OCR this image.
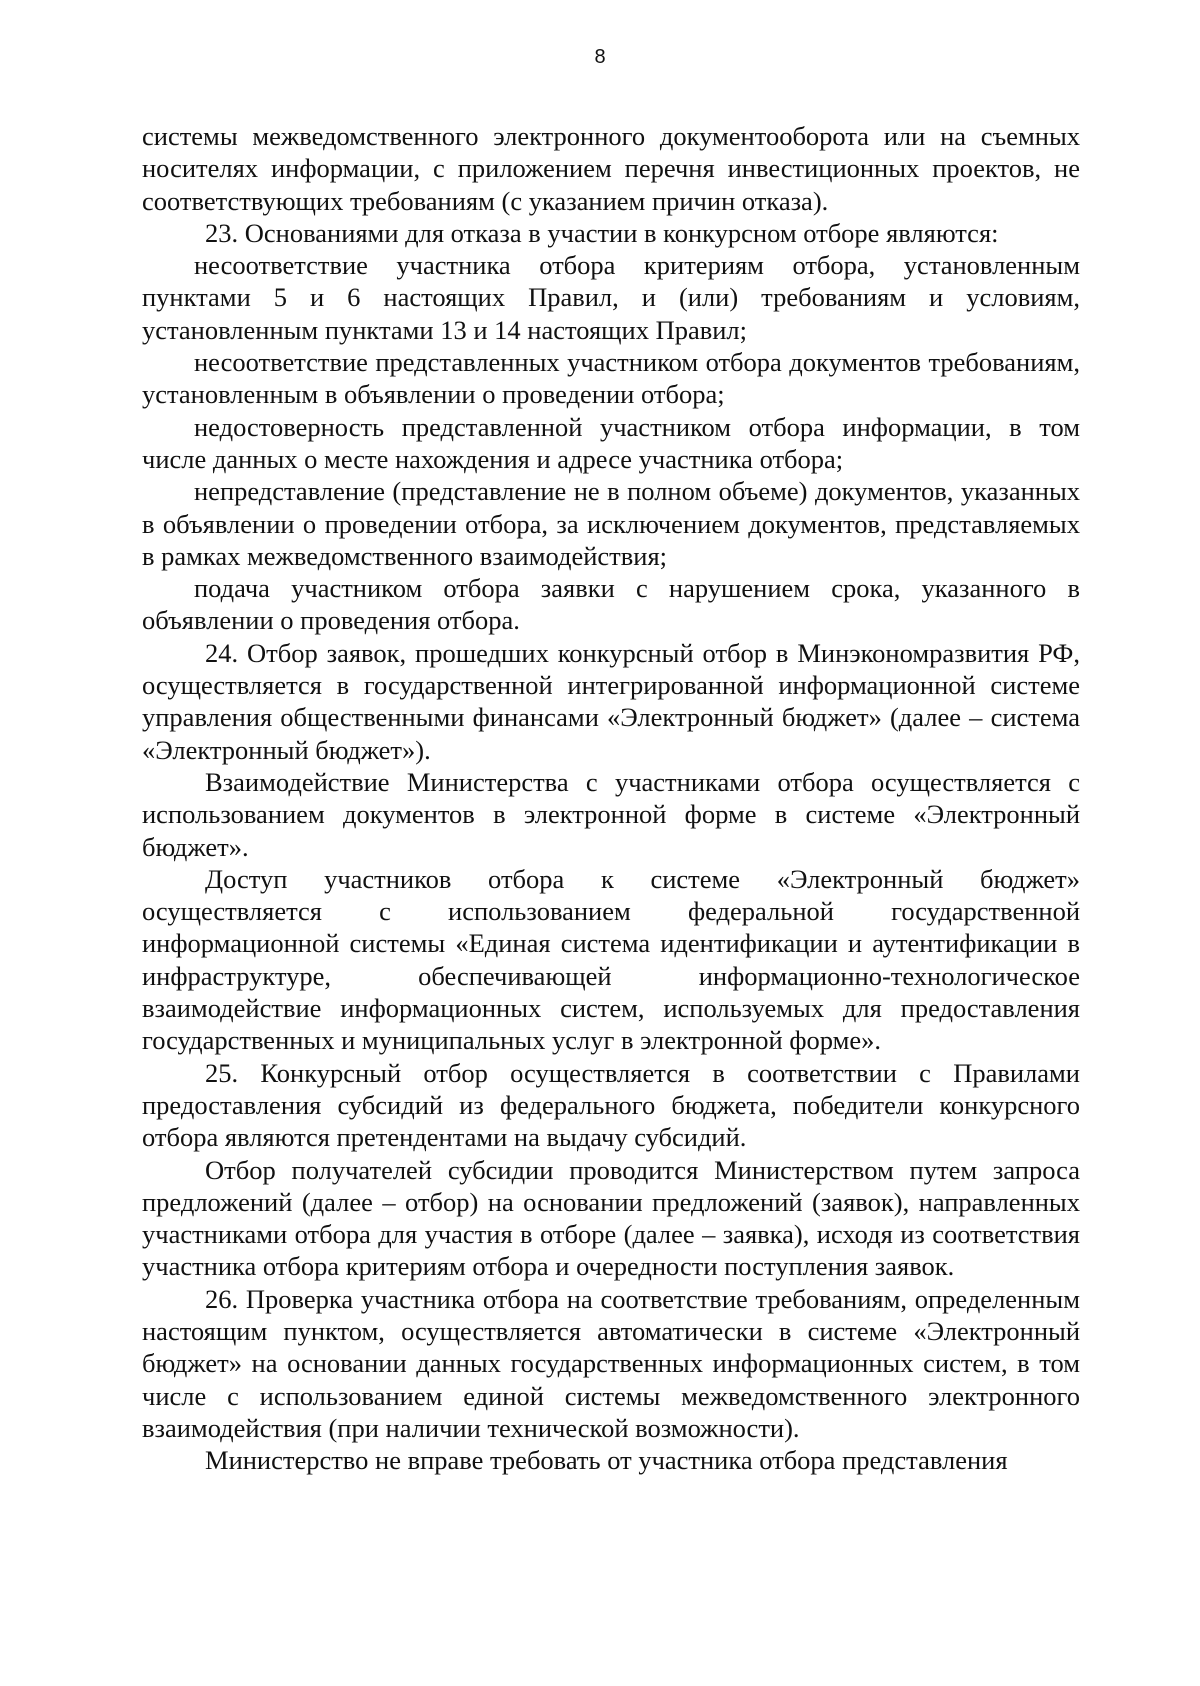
8

системы межведомственного электронного документооборота или на съемных носителях информации, с приложением перечня инвестиционных проектов, не соответствующих требованиям (с указанием причин отказа).

23. Основаниями для отказа в участии в конкурсном отборе являются:

несоответствие участника отбора критериям отбора, установленным пунктами 5 и 6 настоящих Правил, и (или) требованиям и условиям, установленным пунктами 13 и 14 настоящих Правил;

несоответствие представленных участником отбора документов требованиям, установленным в объявлении о проведении отбора;

недостоверность представленной участником отбора информации, в том числе данных о месте нахождения и адресе участника отбора;

непредставление (представление не в полном объеме) документов, указанных в объявлении о проведении отбора, за исключением документов, представляемых в рамках межведомственного взаимодействия;

подача участником отбора заявки с нарушением срока, указанного в объявлении о проведения отбора.

24. Отбор заявок, прошедших конкурсный отбор в Минэкономразвития РФ, осуществляется в государственной интегрированной информационной системе управления общественными финансами «Электронный бюджет» (далее – система «Электронный бюджет»).

Взаимодействие Министерства с участниками отбора осуществляется с использованием документов в электронной форме в системе «Электронный бюджет».

Доступ участников отбора к системе «Электронный бюджет» осуществляется с использованием федеральной государственной информационной системы «Единая система идентификации и аутентификации в инфраструктуре, обеспечивающей информационно-технологическое взаимодействие информационных систем, используемых для предоставления государственных и муниципальных услуг в электронной форме».

25. Конкурсный отбор осуществляется в соответствии с Правилами предоставления субсидий из федерального бюджета, победители конкурсного отбора являются претендентами на выдачу субсидий.

Отбор получателей субсидии проводится Министерством путем запроса предложений (далее – отбор) на основании предложений (заявок), направленных участниками отбора для участия в отборе (далее – заявка), исходя из соответствия участника отбора критериям отбора и очередности поступления заявок.

26. Проверка участника отбора на соответствие требованиям, определенным настоящим пунктом, осуществляется автоматически в системе «Электронный бюджет» на основании данных государственных информационных систем, в том числе с использованием единой системы межведомственного электронного взаимодействия (при наличии технической возможности).

Министерство не вправе требовать от участника отбора представления
